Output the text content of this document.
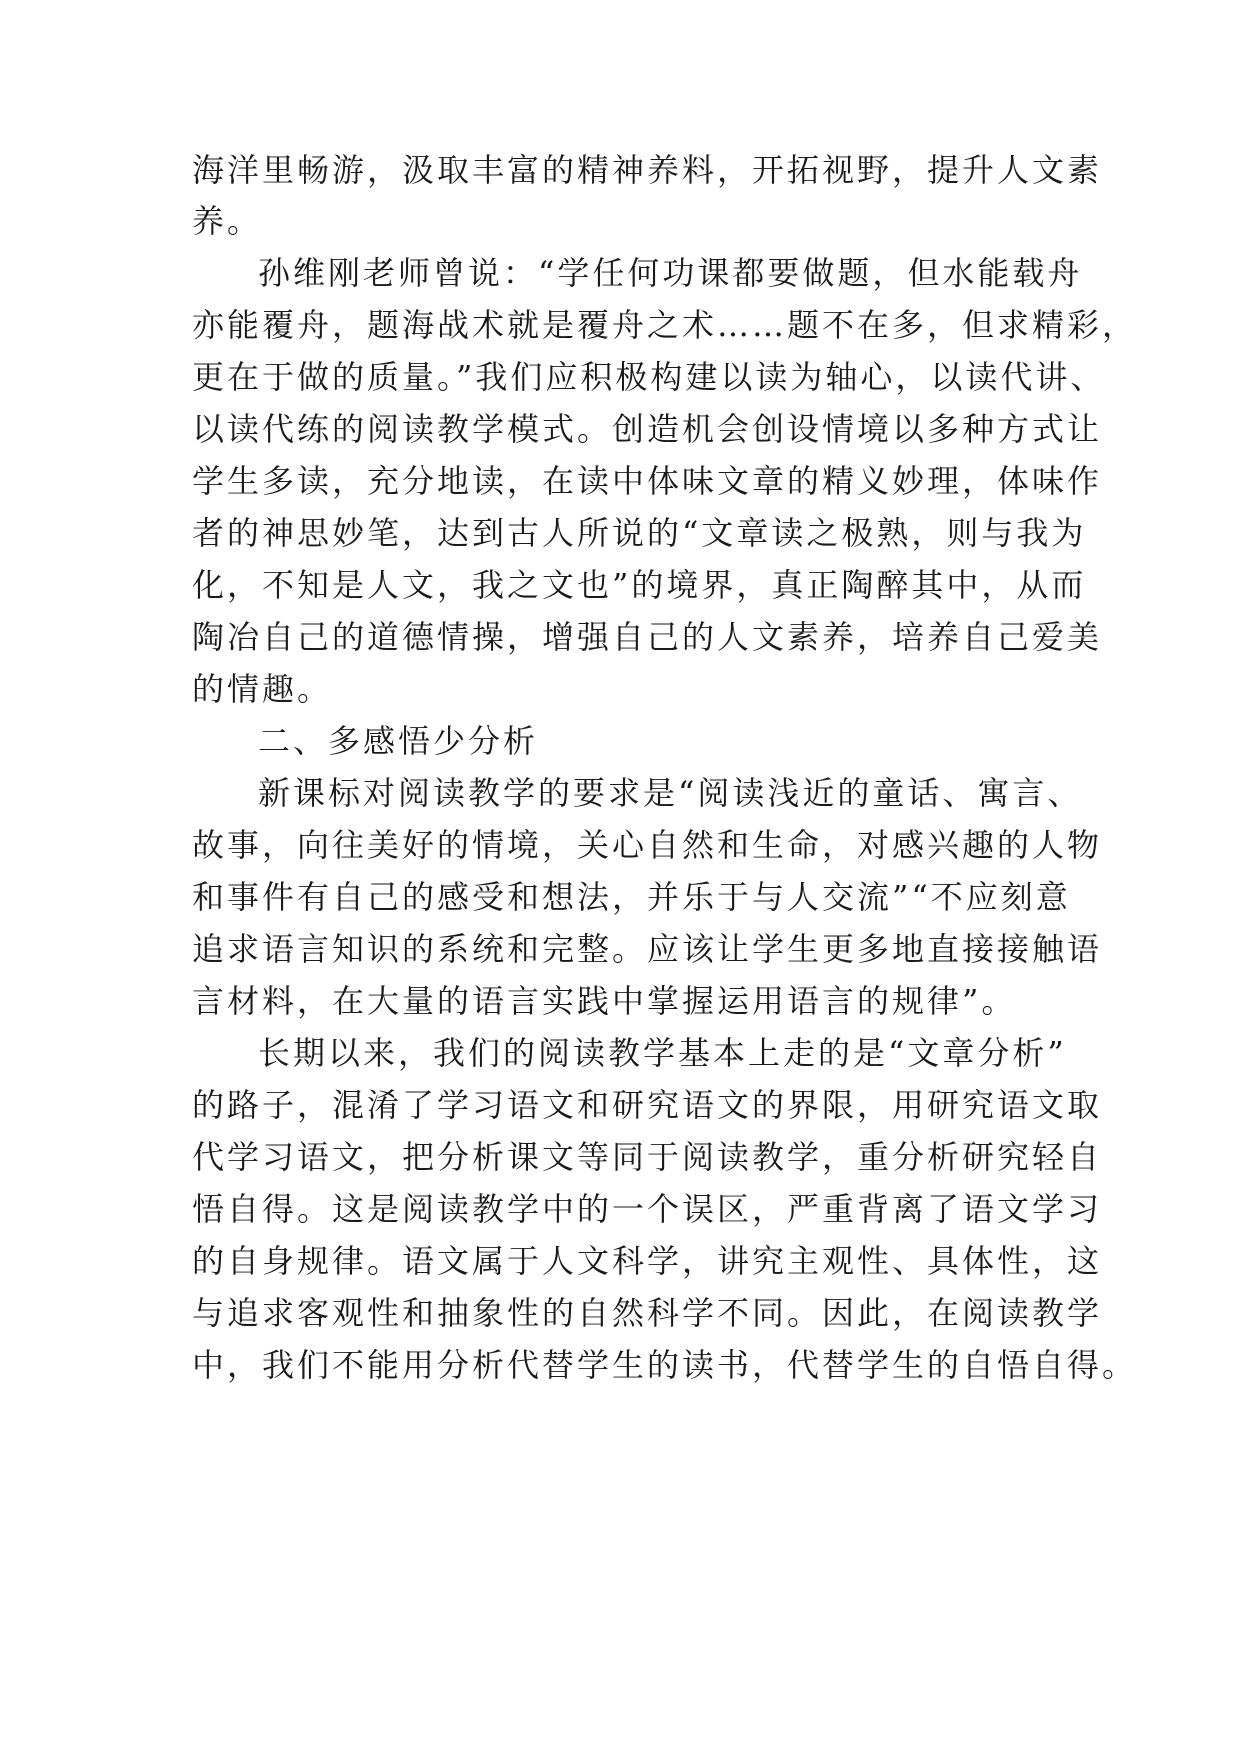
海洋里畅游，汲取丰富的精神养料，开拓视野，提升人文素

养。

孙维刚老师曾说：“学任何功课都要做题，但水能载舟

亦能覆舟，题海战术就是覆舟之术……题不在多，但求精彩，

更在于做的质量。”我们应积极构建以读为轴心，以读代讲、

以读代练的阅读教学模式。创造机会创设情境以多种方式让

学生多读，充分地读，在读中体味文章的精义妙理，体味作

者的神思妙笔，达到古人所说的“文章读之极熟，则与我为

化，不知是人文，我之文也”的境界，真正陶醉其中，从而

陶冶自己的道德情操，增强自己的人文素养，培养自己爱美

的情趣。

二、多感悟少分析

新课标对阅读教学的要求是“阅读浅近的童话、寓言、

故事，向往美好的情境，关心自然和生命，对感兴趣的人物

和事件有自己的感受和想法，并乐于与人交流”“不应刻意

追求语言知识的系统和完整。应该让学生更多地直接接触语

言材料，在大量的语言实践中掌握运用语言的规律”。

长期以来，我们的阅读教学基本上走的是“文章分析”

的路子，混淆了学习语文和研究语文的界限，用研究语文取

代学习语文，把分析课文等同于阅读教学，重分析研究轻自

悟自得。这是阅读教学中的一个误区，严重背离了语文学习

的自身规律。语文属于人文科学，讲究主观性、具体性，这

与追求客观性和抽象性的自然科学不同。因此，在阅读教学

中，我们不能用分析代替学生的读书，代替学生的自悟自得。
